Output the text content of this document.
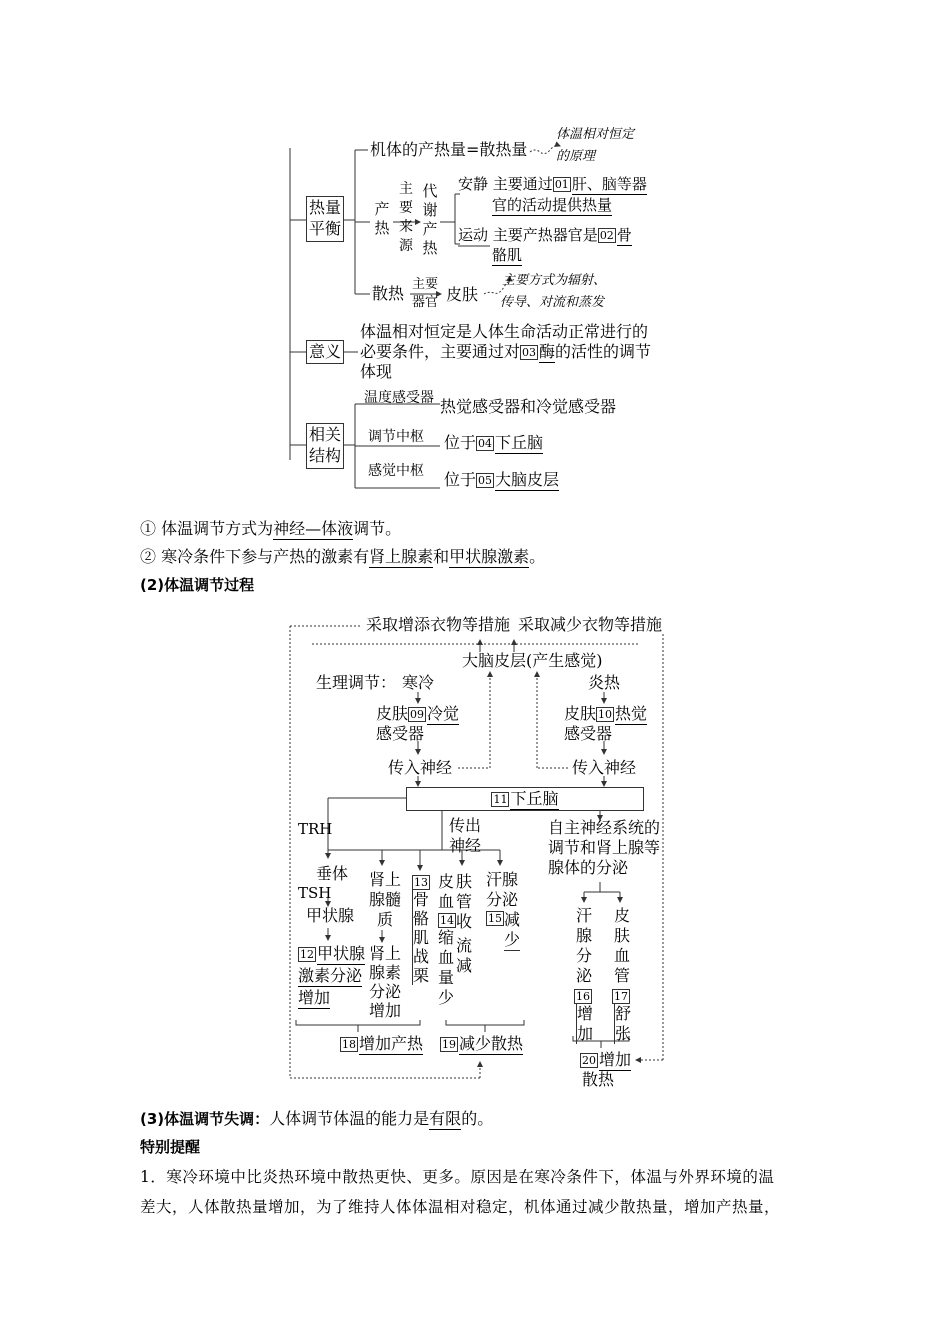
热量平衡
意义
相关结构
机体的产热量=散热量
体温相对恒定
的原理
产热
主要来源
代谢产热
安静 主要通过 01 肝、脑等器
官的活动提供热量
运动 主要产热器官是 02 骨
骼肌
散热 主要
器官 皮肤
主要方式为辐射、
传导、对流和蒸发
体温相对恒定是人体生命活动正常进行的
必要条件，主要通过对 03 酶的活性的调节
体现
温度感受器 热觉感受器和冷觉感受器
调节中枢 位于 04 下丘脑
感觉中枢 位于 05 大脑皮层
① 体温调节方式为神经—体液调节。
② 寒冷条件下参与产热的激素有肾上腺素和甲状腺激素。
(2)体温调节过程
采取增添衣物等措施 采取减少衣物等措施
大脑皮层(产生感觉)
生理调节： 寒冷	炎热
皮肤 09 冷觉
感受器
皮肤 10 热觉
感受器
传入神经	传入神经
11 下丘脑
TRH	传出神经
自主神经系统的
调节和肾上腺等
腺体的分泌
垂体
TSH
甲状腺
12 甲状腺
激素分泌
增加
肾上腺髓质
肾上腺素分泌增加
13
骨骼肌战栗
皮血
14
缩
肤管收
血量少
流减
汗腺
分泌
15 减少
汗腺分泌
16
增加
皮肤血管
17
舒张
18 增加产热 19 减少散热
20 增加
散热
(3)体温调节失调：人体调节体温的能力是有限的。
特别提醒
1．寒冷环境中比炎热环境中散热更快、更多。原因是在寒冷条件下，体温与外界环境的温
差大，人体散热量增加，为了维持人体体温相对稳定，机体通过减少散热量，增加产热量，
